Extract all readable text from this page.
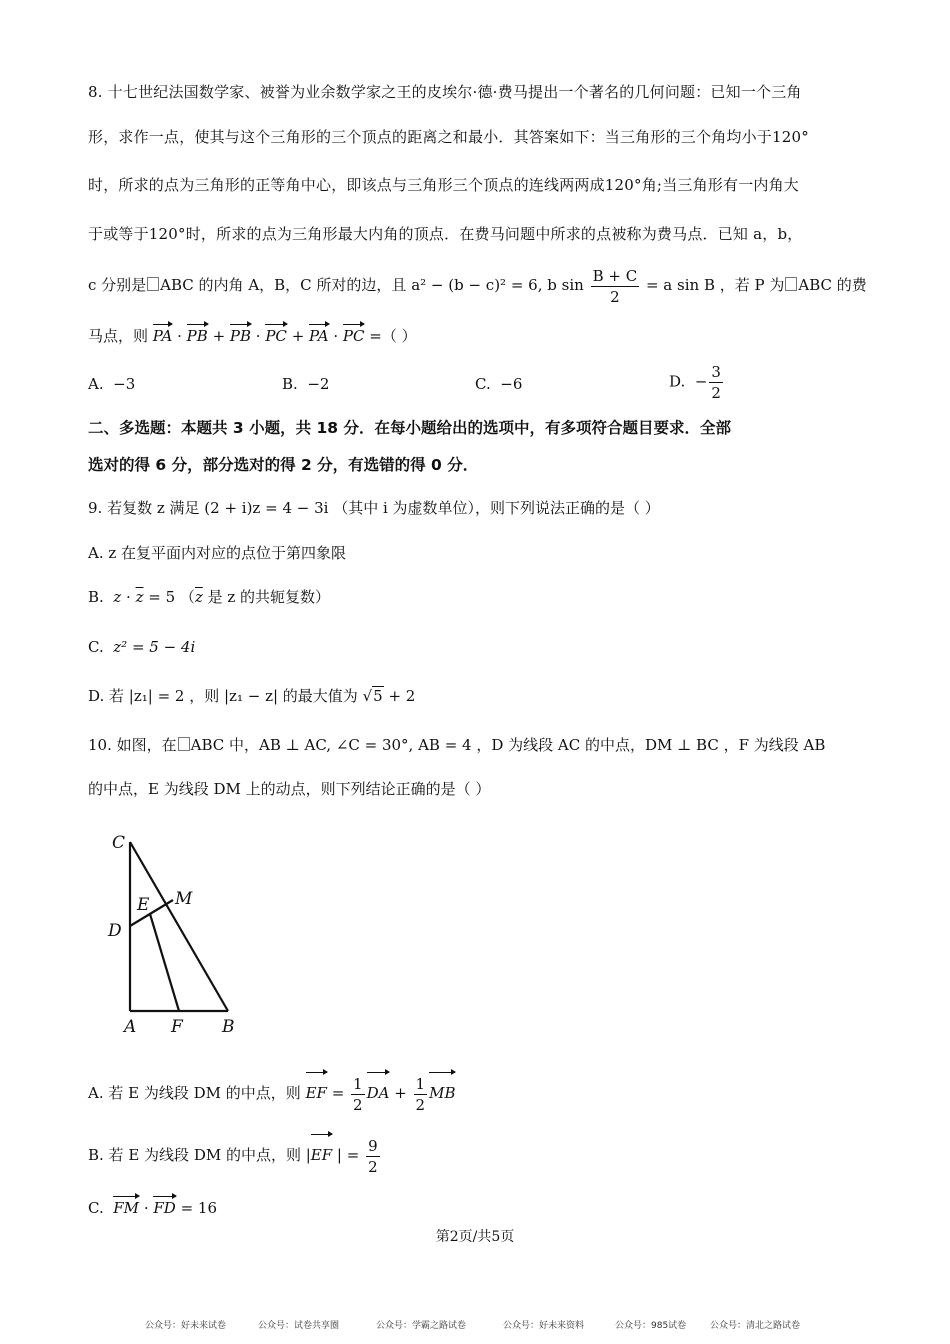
8. 十七世纪法国数学家、被誉为业余数学家之王的皮埃尔·德·费马提出一个著名的几何问题：已知一个三角
形，求作一点，使其与这个三角形的三个顶点的距离之和最小．其答案如下：当三角形的三个角均小于120°
时，所求的点为三角形的正等角中心，即该点与三角形三个顶点的连线两两成120°角;当三角形有一内角大
于或等于120°时，所求的点为三角形最大内角的顶点．在费马问题中所求的点被称为费马点．已知 a，b，
c 分别是 ABC 的内角 A，B，C 所对的边，且 a² − (b − c)² = 6, b $\sin \frac{B + C}{2} = a$ sin B ，若 P 为 ABC 的费
马点，则 PA · PB + PB · PC + PA · PC =（ ）
A. −3	B. −2	C. −6	D. − $\frac{3}{2}$
二、多选题：本题共 3 小题，共 18 分．在每小题给出的选项中，有多项符合题目要求．全部
选对的得 6 分，部分选对的得 2 分，有选错的得 0 分．
9. 若复数 z 满足 (2 + i)z = 4 − 3i （其中 i 为虚数单位），则下列说法正确的是（ ）
A. z 在复平面内对应的点位于第四象限
B. $z \cdot \overline{z} = 5$ （$\overline{z}$ 是 z 的共轭复数）
C. z² = 5 − 4i
D. 若 |z₁| = 2 ，则 |z₁ − z| 的最大值为 √5 + 2
10. 如图，在 ABC 中，AB ⊥ AC, ∠C = 30°, AB = 4 ，D 为线段 AC 的中点，DM ⊥ BC ，F 为线段 AB
的中点，E 为线段 DM 上的动点，则下列结论正确的是（ ）
C
E M
D
A F B
A. 若 E 为线段 DM 的中点，则 EF = $\frac{1}{2}$ DA + $\frac{1}{2}$ MB
B. 若 E 为线段 DM 的中点，则 |EF | = $\frac{9}{2}$
C. FM · FD = 16
第2页/共5页
公众号：好未来试卷	公众号：试卷共享圈	公众号：学霸之路试卷	公众号：好未来资料	公众号：985试卷	公众号：清北之路试卷
